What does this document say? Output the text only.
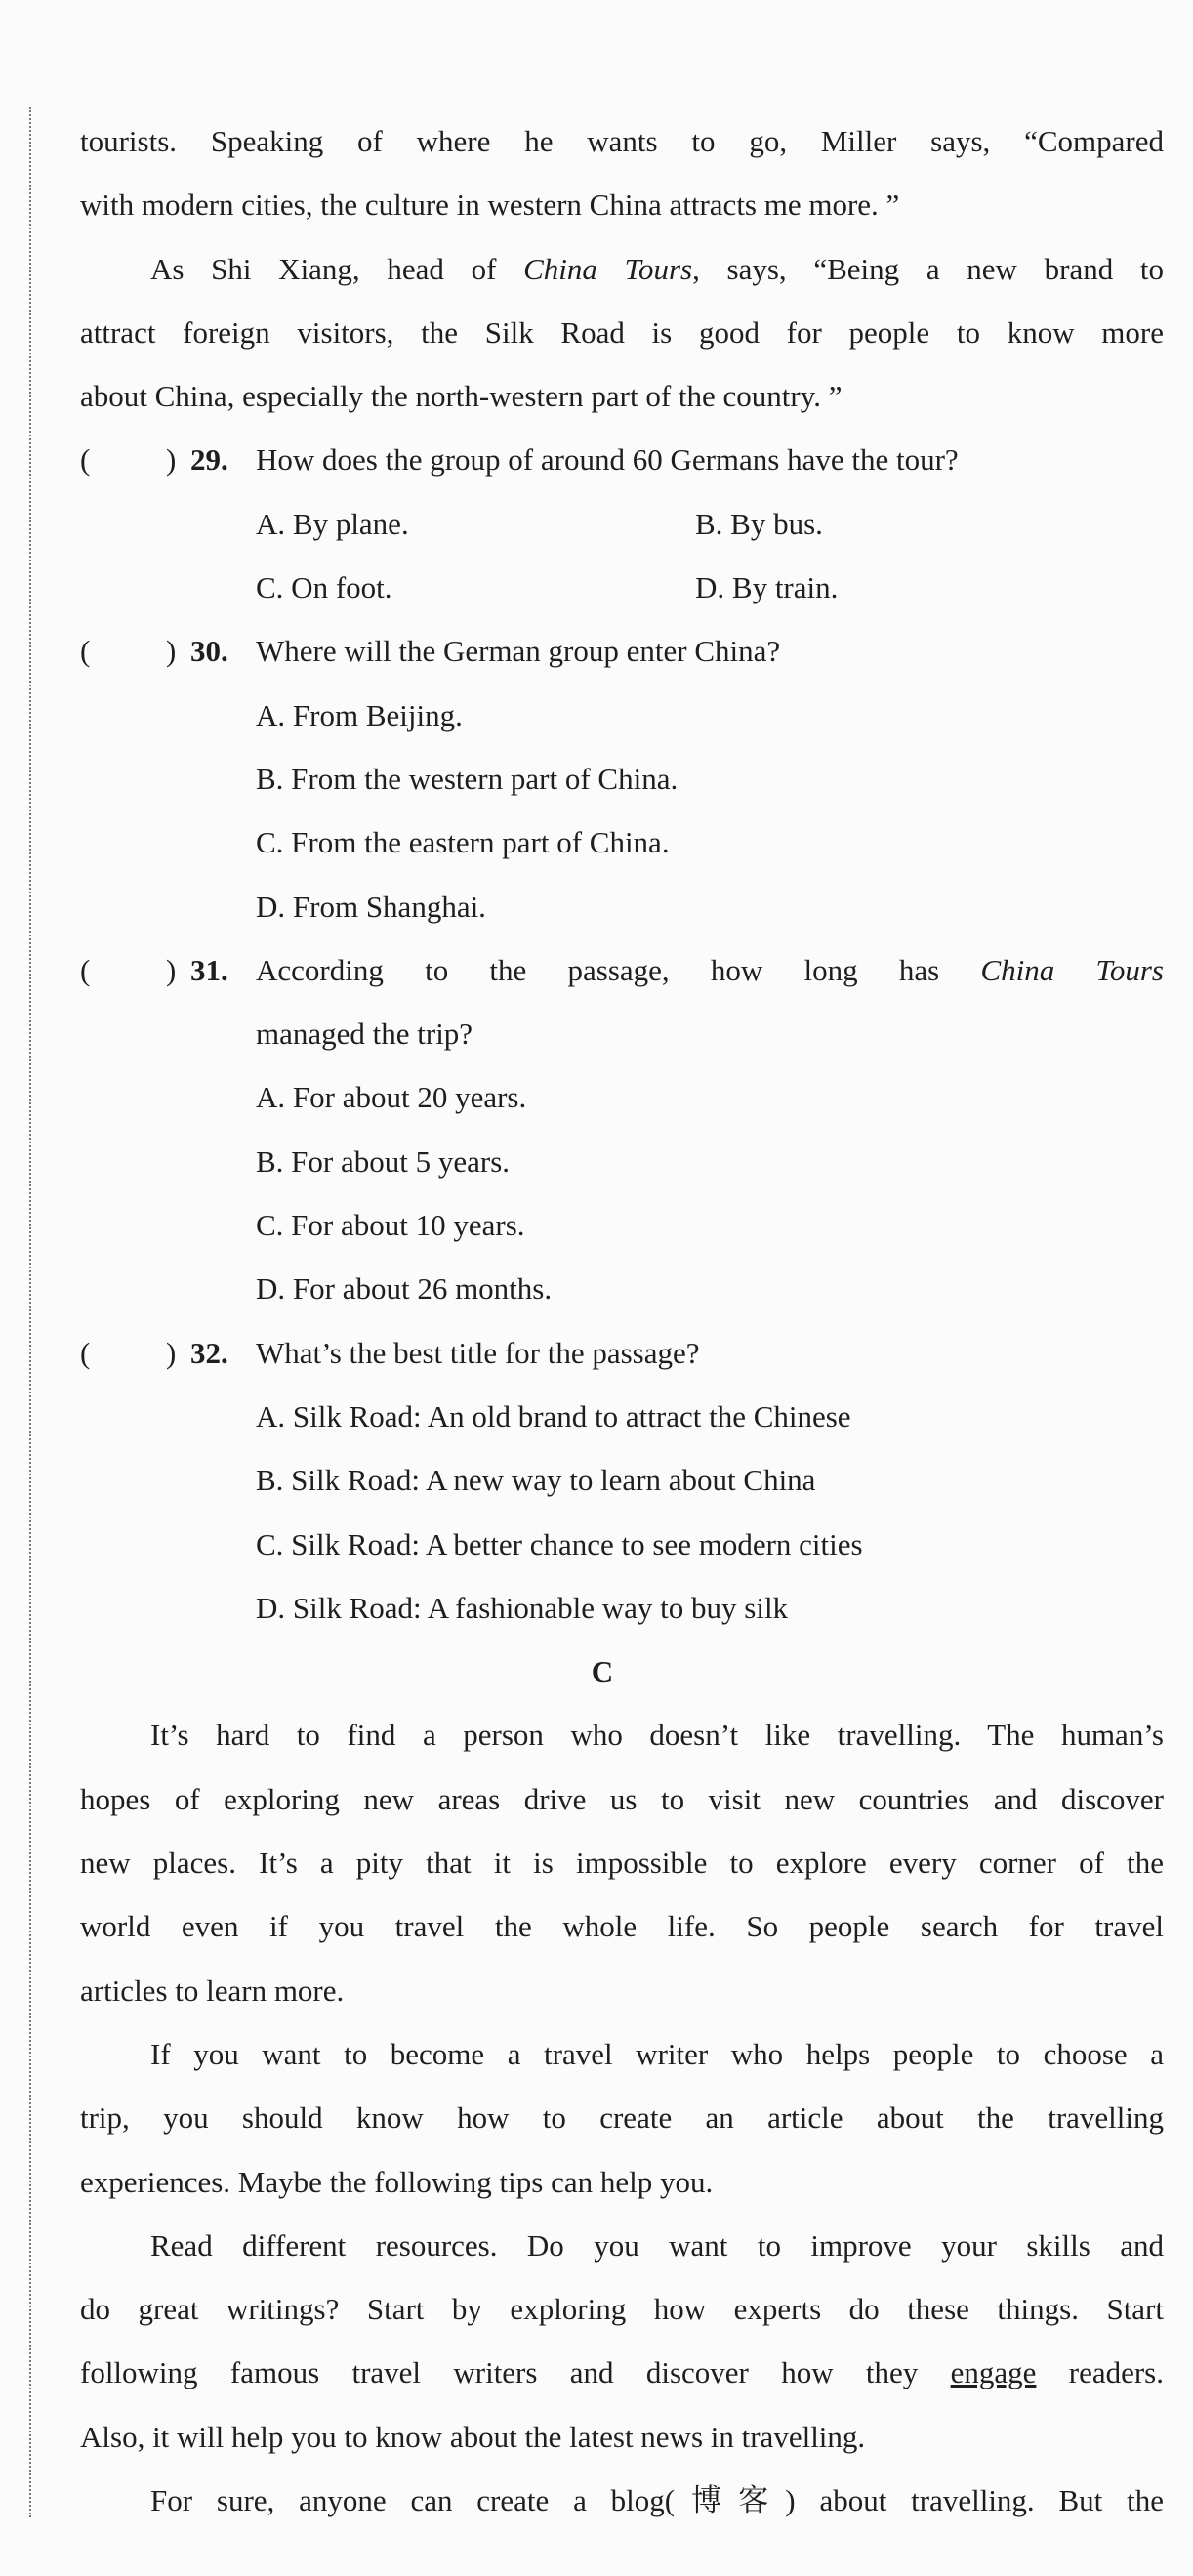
tourists. Speaking of where he wants to go, Miller says, “Compared
with modern cities, the culture in western China attracts me more. ”
As Shi Xiang, head of China Tours, says, “Being a new brand to
attract foreign visitors, the Silk Road is good for people to know more
about China, especially the north-western part of the country. ”
(	) 29. How does the group of around 60 Germans have the tour?
A. By plane.	B. By bus.
C. On foot.	D. By train.
(	) 30. Where will the German group enter China?
A. From Beijing.
B. From the western part of China.
C. From the eastern part of China.
D. From Shanghai.
(	) 31. According to the passage, how long has China Tours
managed the trip?
A. For about 20 years.
B. For about 5 years.
C. For about 10 years.
D. For about 26 months.
(	) 32. What’s the best title for the passage?
A. Silk Road: An old brand to attract the Chinese
B. Silk Road: A new way to learn about China
C. Silk Road: A better chance to see modern cities
D. Silk Road: A fashionable way to buy silk
C
It’s hard to find a person who doesn’t like travelling. The human’s
hopes of exploring new areas drive us to visit new countries and discover
new places. It’s a pity that it is impossible to explore every corner of the
world even if you travel the whole life. So people search for travel
articles to learn more.
If you want to become a travel writer who helps people to choose a
trip, you should know how to create an article about the travelling
experiences. Maybe the following tips can help you.
Read different resources. Do you want to improve your skills and
do great writings? Start by exploring how experts do these things. Start
following famous travel writers and discover how they engage readers.
Also, it will help you to know about the latest news in travelling.
For sure, anyone can create a blog(博客) about travelling. But the
